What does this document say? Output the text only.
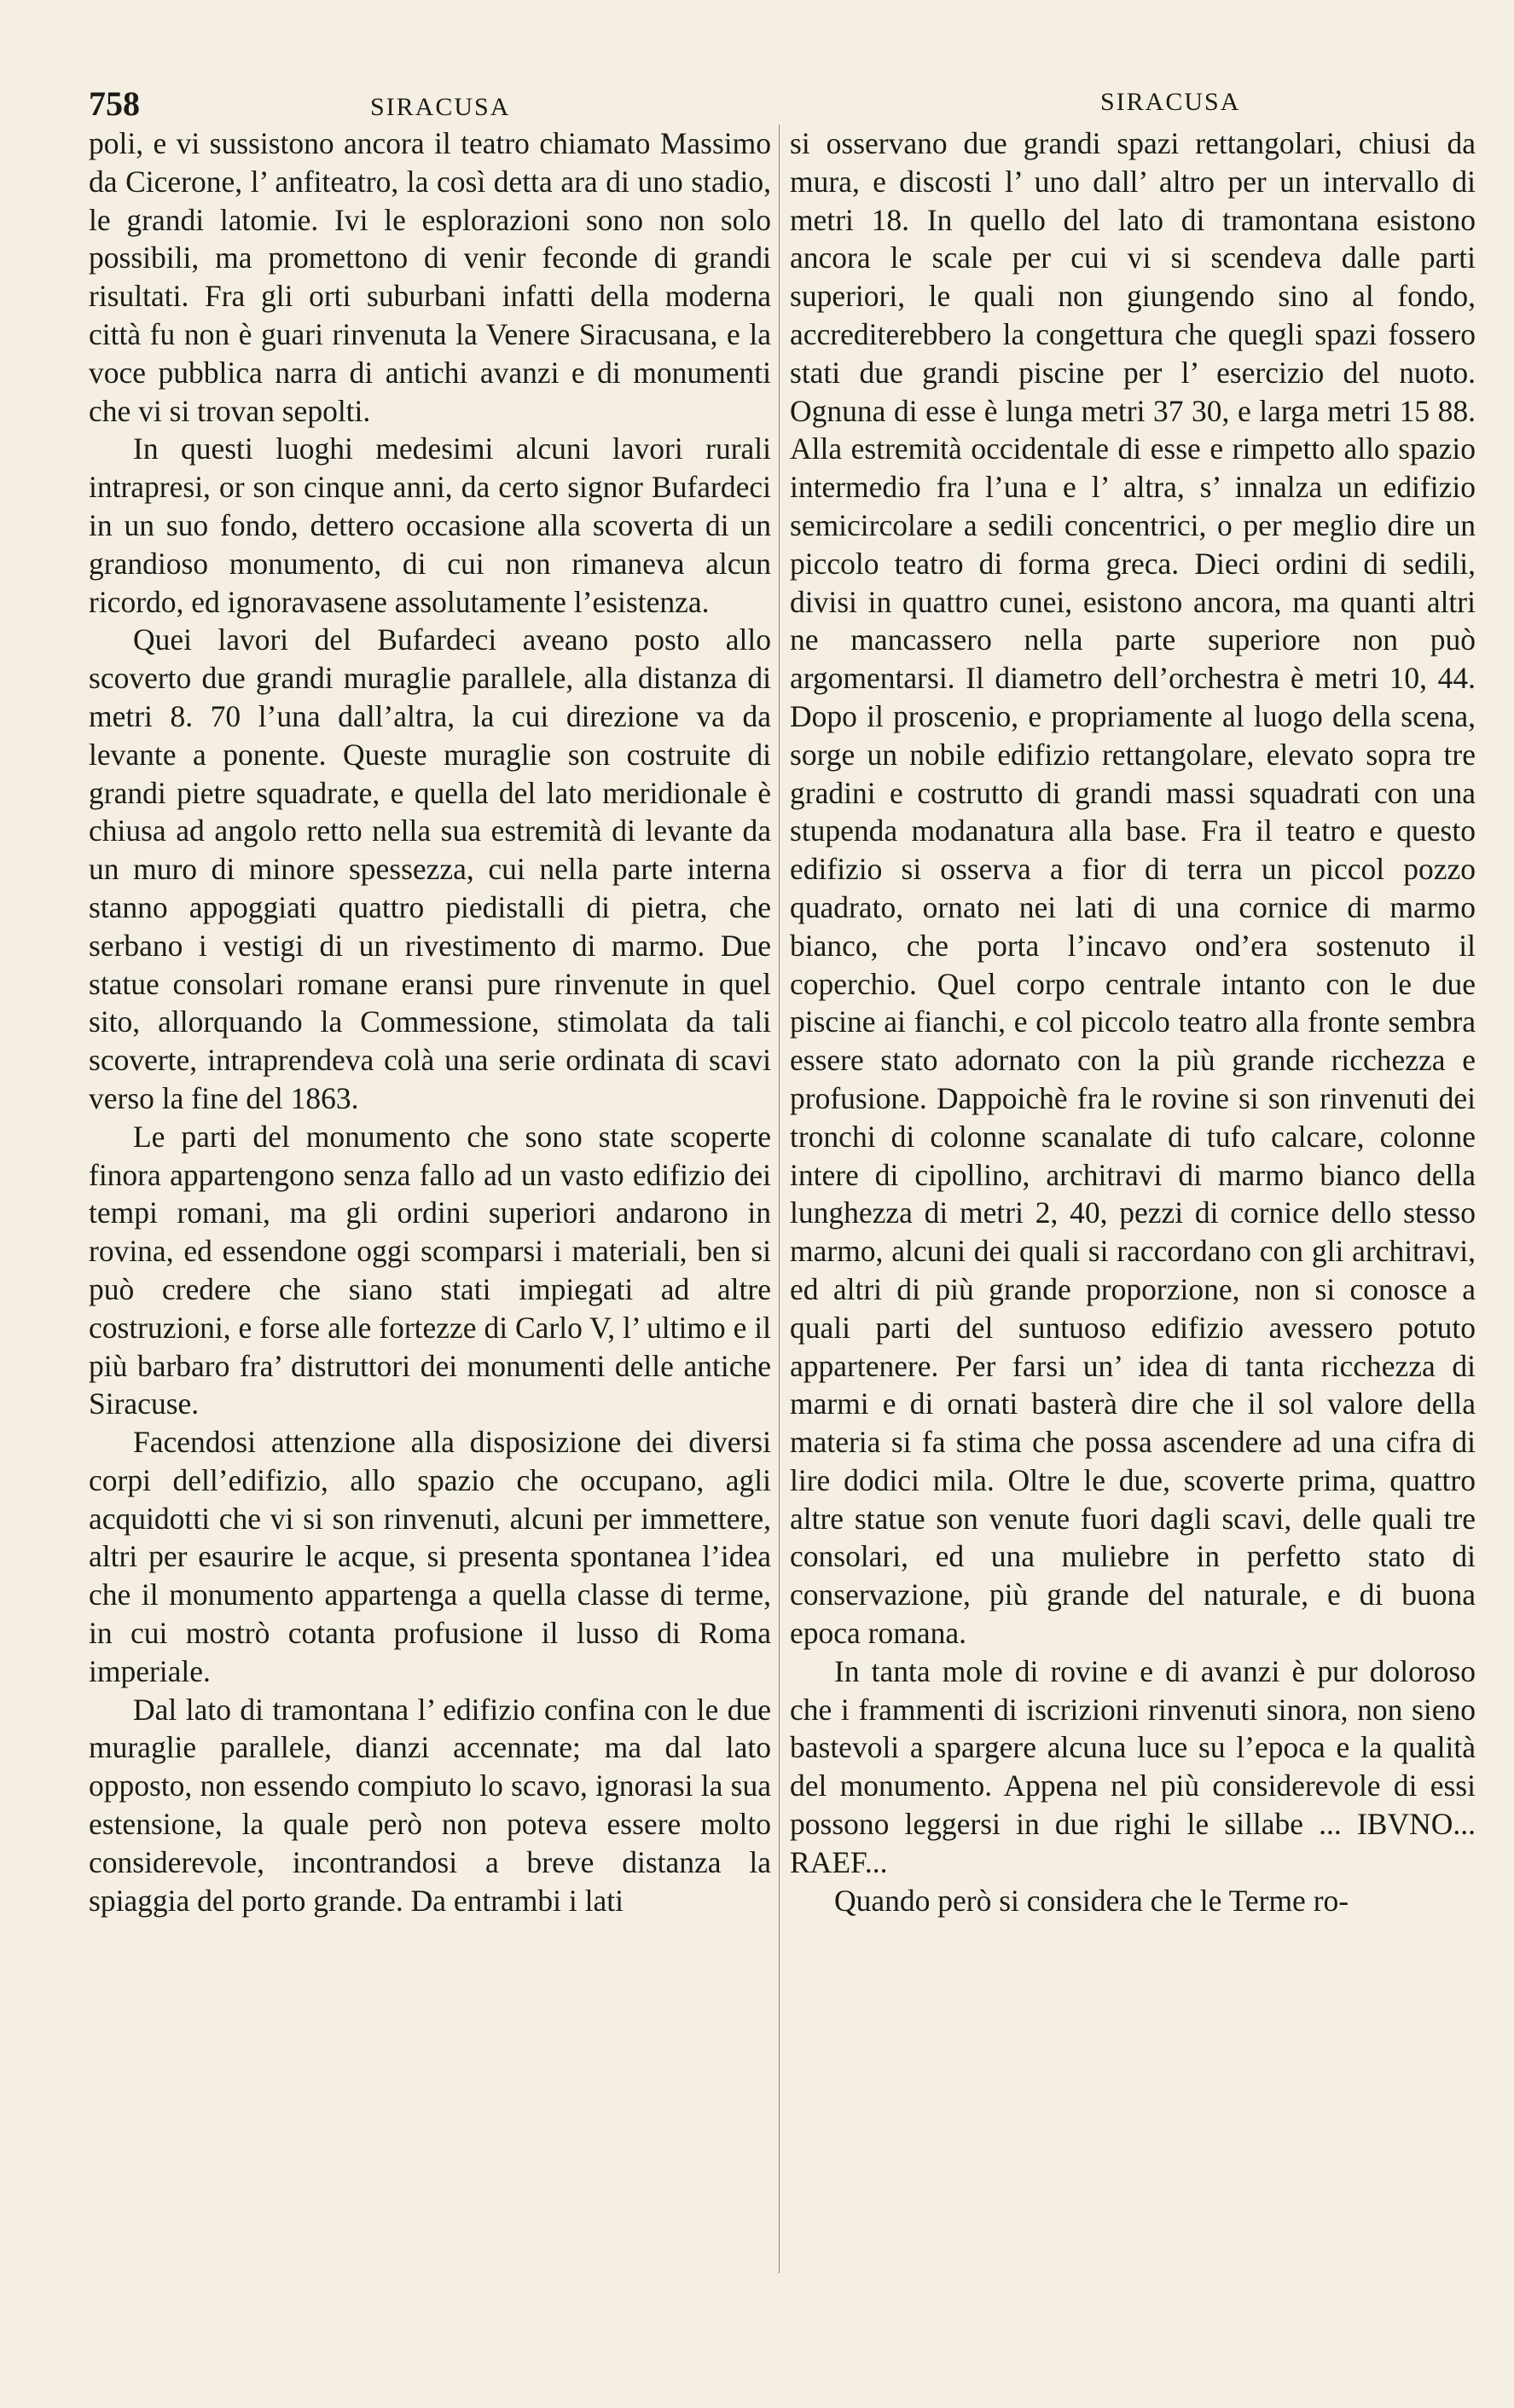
758	SIRACUSA	SIRACUSA

poli, e vi sussistono ancora il teatro chiamato Massimo da Cicerone, l’ anfiteatro, la così detta ara di uno stadio, le grandi latomie. Ivi le esplorazioni sono non solo possibili, ma promettono di venir feconde di grandi risultati. Fra gli orti suburbani infatti della moderna città fu non è guari rinvenuta la Venere Siracusana, e la voce pubblica narra di antichi avanzi e di monumenti che vi si trovan sepolti.

In questi luoghi medesimi alcuni lavori rurali intrapresi, or son cinque anni, da certo signor Bufardeci in un suo fondo, dettero occasione alla scoverta di un grandioso monumento, di cui non rimaneva alcun ricordo, ed ignoravasene assolutamente l’esistenza.

Quei lavori del Bufardeci aveano posto allo scoverto due grandi muraglie parallele, alla distanza di metri 8. 70 l’una dall’altra, la cui direzione va da levante a ponente. Queste muraglie son costruite di grandi pietre squadrate, e quella del lato meridionale è chiusa ad angolo retto nella sua estremità di levante da un muro di minore spessezza, cui nella parte interna stanno appoggiati quattro piedistalli di pietra, che serbano i vestigi di un rivestimento di marmo. Due statue consolari romane eransi pure rinvenute in quel sito, allorquando la Commessione, stimolata da tali scoverte, intraprendeva colà una serie ordinata di scavi verso la fine del 1863.

Le parti del monumento che sono state scoperte finora appartengono senza fallo ad un vasto edifizio dei tempi romani, ma gli ordini superiori andarono in rovina, ed essendone oggi scomparsi i materiali, ben si può credere che siano stati impiegati ad altre costruzioni, e forse alle fortezze di Carlo V, l’ ultimo e il più barbaro fra’ distruttori dei monumenti delle antiche Siracuse.

Facendosi attenzione alla disposizione dei diversi corpi dell’edifizio, allo spazio che occupano, agli acquidotti che vi si son rinvenuti, alcuni per immettere, altri per esaurire le acque, si presenta spontanea l’idea che il monumento appartenga a quella classe di terme, in cui mostrò cotanta profusione il lusso di Roma imperiale.

Dal lato di tramontana l’ edifizio confina con le due muraglie parallele, dianzi accennate; ma dal lato opposto, non essendo compiuto lo scavo, ignorasi la sua estensione, la quale però non poteva essere molto considerevole, incontrandosi a breve distanza la spiaggia del porto grande. Da entrambi i lati

si osservano due grandi spazi rettangolari, chiusi da mura, e discosti l’ uno dall’ altro per un intervallo di metri 18. In quello del lato di tramontana esistono ancora le scale per cui vi si scendeva dalle parti superiori, le quali non giungendo sino al fondo, accrediterebbero la congettura che quegli spazi fossero stati due grandi piscine per l’ esercizio del nuoto. Ognuna di esse è lunga metri 37 30, e larga metri 15 88. Alla estremità occidentale di esse e rimpetto allo spazio intermedio fra l’una e l’ altra, s’ innalza un edifizio semicircolare a sedili concentrici, o per meglio dire un piccolo teatro di forma greca. Dieci ordini di sedili, divisi in quattro cunei, esistono ancora, ma quanti altri ne mancassero nella parte superiore non può argomentarsi. Il diametro dell’orchestra è metri 10, 44. Dopo il proscenio, e propriamente al luogo della scena, sorge un nobile edifizio rettangolare, elevato sopra tre gradini e costrutto di grandi massi squadrati con una stupenda modanatura alla base. Fra il teatro e questo edifizio si osserva a fior di terra un piccol pozzo quadrato, ornato nei lati di una cornice di marmo bianco, che porta l’incavo ond’era sostenuto il coperchio. Quel corpo centrale intanto con le due piscine ai fianchi, e col piccolo teatro alla fronte sembra essere stato adornato con la più grande ricchezza e profusione. Dappoichè fra le rovine si son rinvenuti dei tronchi di colonne scanalate di tufo calcare, colonne intere di cipollino, architravi di marmo bianco della lunghezza di metri 2, 40, pezzi di cornice dello stesso marmo, alcuni dei quali si raccordano con gli architravi, ed altri di più grande proporzione, non si conosce a quali parti del suntuoso edifizio avessero potuto appartenere. Per farsi un’ idea di tanta ricchezza di marmi e di ornati basterà dire che il sol valore della materia si fa stima che possa ascendere ad una cifra di lire dodici mila. Oltre le due, scoverte prima, quattro altre statue son venute fuori dagli scavi, delle quali tre consolari, ed una muliebre in perfetto stato di conservazione, più grande del naturale, e di buona epoca romana.

In tanta mole di rovine e di avanzi è pur doloroso che i frammenti di iscrizioni rinvenuti sinora, non sieno bastevoli a spargere alcuna luce su l’epoca e la qualità del monumento. Appena nel più considerevole di essi possono leggersi in due righi le sillabe ... IBVNO... RAEF...

Quando però si considera che le Terme ro-
